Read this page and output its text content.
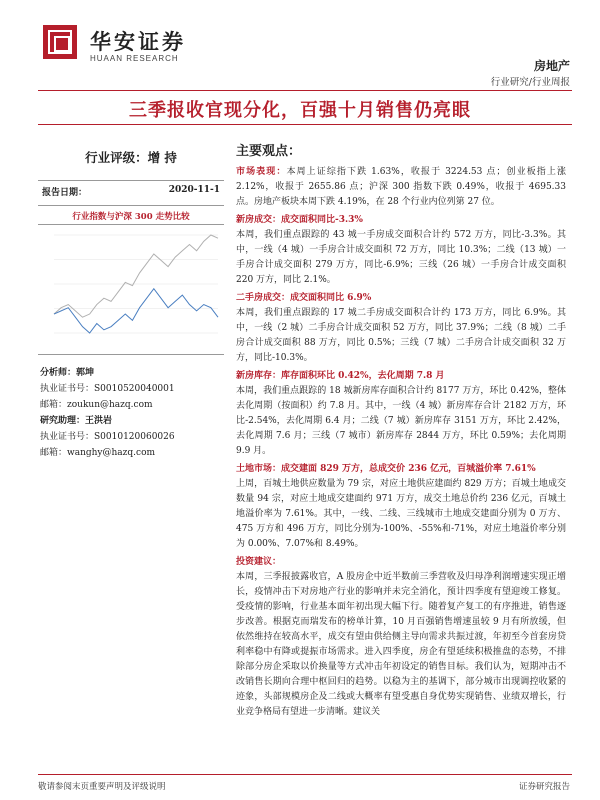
华安证券
HUAAN RESEARCH
房地产
行业研究/行业周报
三季报收官现分化，百强十月销售仍亮眼
行业评级：增 持
报告日期：	2020-11-1
行业指数与沪深 300 走势比较
分析师：郭坤
执业证书号：S0010520040001
邮箱：zoukun@hazq.com
研究助理：王洪岩
执业证书号：S0010120060026
邮箱：wanghy@hazq.com
主要观点：
市场表现：本周上证综指下跌 1.63%，收报于 3224.53 点；创业板指上涨 2.12%，收报于 2655.86 点；沪深 300 指数下跌 0.49%，收报于 4695.33 点。房地产板块本周下跌 4.19%，在 28 个行业内位列第 27 位。
新房成交：成交面积同比-3.3%
本周，我们重点跟踪的 43 城一手房成交面积合计约 572 万方，同比-3.3%。其中，一线（4 城）一手房合计成交面积 72 万方，同比 10.3%；二线（13 城）一手房合计成交面积 279 万方，同比-6.9%；三线（26 城）一手房合计成交面积 220 万方，同比 2.1%。
二手房成交：成交面积同比 6.9%
本周，我们重点跟踪的 17 城二手房成交面积合计约 173 万方，同比 6.9%。其中，一线（2 城）二手房合计成交面积 52 万方，同比 37.9%；二线（8 城）二手房合计成交面积 88 万方，同比 0.5%；三线（7 城）二手房合计成交面积 32 万方，同比-10.3%。
新房库存：库存面积环比 0.42%，去化周期 7.8 月
本周，我们重点跟踪的 18 城新房库存面积合计约 8177 万方，环比 0.42%，整体去化周期（按面积）约 7.8 月。其中，一线（4 城）新房库存合计 2182 万方，环比-2.54%，去化周期 6.4 月；二线（7 城）新房库存 3151 万方，环比 2.42%，去化周期 7.6 月；三线（7 城市）新房库存 2844 万方，环比 0.59%；去化周期 9.9 月。
土地市场：成交建面 829 万方，总成交价 236 亿元，百城溢价率 7.61%
上周，百城土地供应数量为 79 宗，对应土地供应建面约 829 万方；百城土地成交数量 94 宗，对应土地成交建面约 971 万方，成交土地总价约 236 亿元，百城土地溢价率为 7.61%。其中，一线、二线、三线城市土地成交建面分别为 0 万方、475 万方和 496 万方，同比分别为-100%、-55%和-71%，对应土地溢价率分别为 0.00%、7.07%和 8.49%。
投资建议：
本周，三季报披露收官，A 股房企中近半数前三季营收及归母净利润增速实现正增长，疫情冲击下对房地产行业的影响并未完全消化，预计四季度有望迎竣工修复。受疫情的影响，行业基本面年初出现大幅下行。随着复产复工的有序推进，销售逐步改善。根据克而瑞发布的榜单计算，10 月百强销售增速虽较 9 月有所放缓，但依然维持在较高水平，成交有望由供给侧主导向需求共振过渡，年初至今首套房贷利率稳中有降或提振市场需求。进入四季度，房企有望延续积极推盘的态势，不排除部分房企采取以价换量等方式冲击年初设定的销售目标。我们认为，短期冲击不改销售长期向合理中枢回归的趋势。以稳为主的基调下，部分城市出现调控收紧的迹象，头部规模房企及二线或大概率有望受惠自身优势实现销售、业绩双增长，行业竞争格局有望进一步清晰。建议关
敬请参阅末页重要声明及评级说明	证券研究报告
